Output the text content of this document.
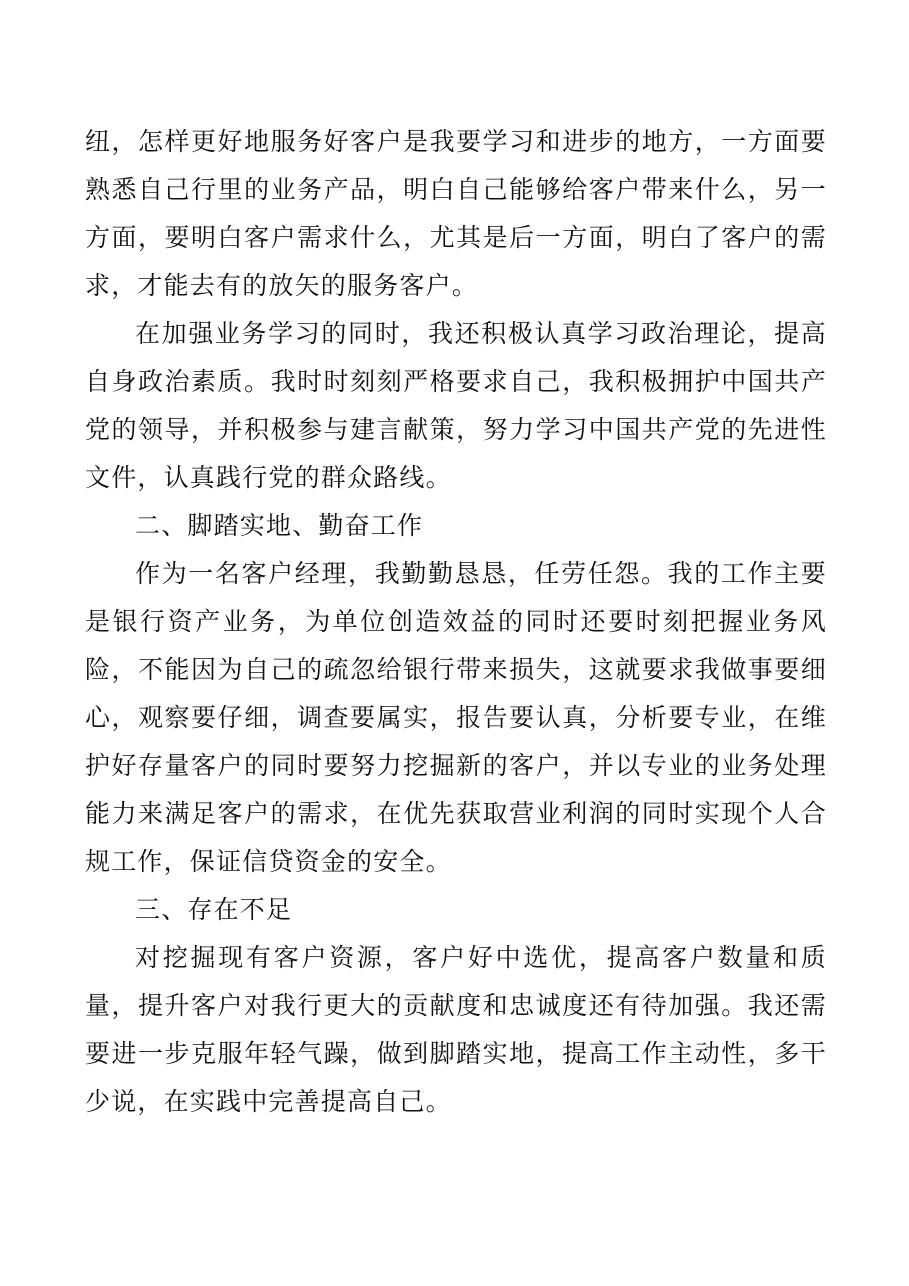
纽，怎样更好地服务好客户是我要学习和进步的地方，一方面要熟悉自己行里的业务产品，明白自己能够给客户带来什么，另一方面，要明白客户需求什么，尤其是后一方面，明白了客户的需求，才能去有的放矢的服务客户。

在加强业务学习的同时，我还积极认真学习政治理论，提高自身政治素质。我时时刻刻严格要求自己，我积极拥护中国共产党的领导，并积极参与建言献策，努力学习中国共产党的先进性文件，认真践行党的群众路线。

二、脚踏实地、勤奋工作

作为一名客户经理，我勤勤恳恳，任劳任怨。我的工作主要是银行资产业务，为单位创造效益的同时还要时刻把握业务风险，不能因为自己的疏忽给银行带来损失，这就要求我做事要细心，观察要仔细，调查要属实，报告要认真，分析要专业，在维护好存量客户的同时要努力挖掘新的客户，并以专业的业务处理能力来满足客户的需求，在优先获取营业利润的同时实现个人合规工作，保证信贷资金的安全。

三、存在不足

对挖掘现有客户资源，客户好中选优，提高客户数量和质量，提升客户对我行更大的贡献度和忠诚度还有待加强。我还需要进一步克服年轻气躁，做到脚踏实地，提高工作主动性，多干少说，在实践中完善提高自己。
